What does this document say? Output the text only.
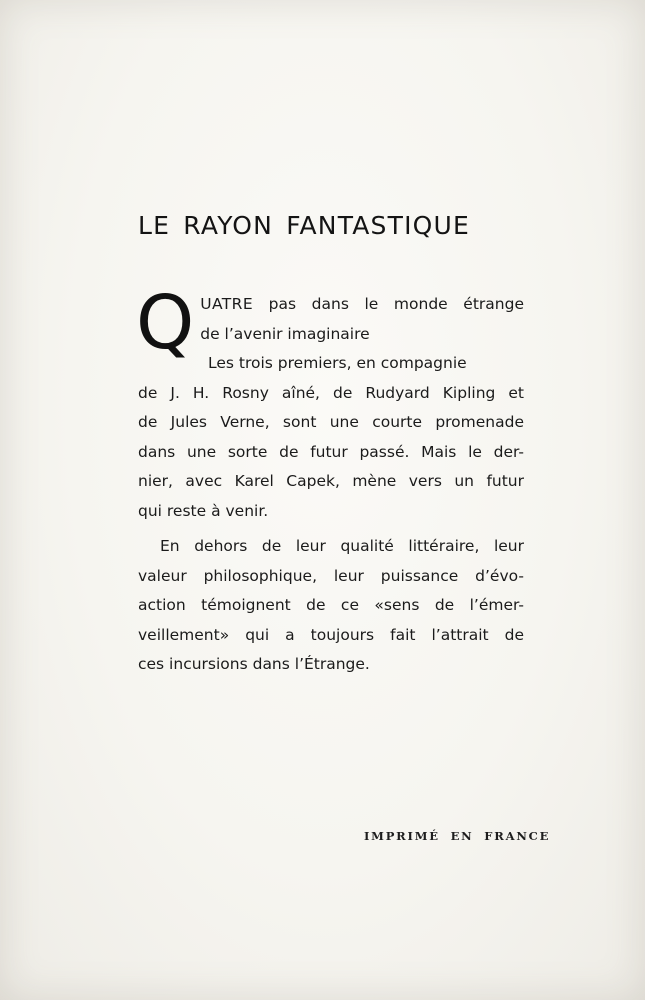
LE RAYON FANTASTIQUE
Q UATRE pas dans le monde étrange
de l’avenir imaginaire
Les trois premiers, en compagnie
de J. H. Rosny aîné, de Rudyard Kipling et
de Jules Verne, sont une courte promenade
dans une sorte de futur passé. Mais le der-
nier, avec Karel Capek, mène vers un futur
qui reste à venir.
En dehors de leur qualité littéraire, leur
valeur philosophique, leur puissance d’évo-
action témoignent de ce «sens de l’émer-
veillement» qui a toujours fait l’attrait de
ces incursions dans l’Étrange.

IMPRIMÉ EN FRANCE
